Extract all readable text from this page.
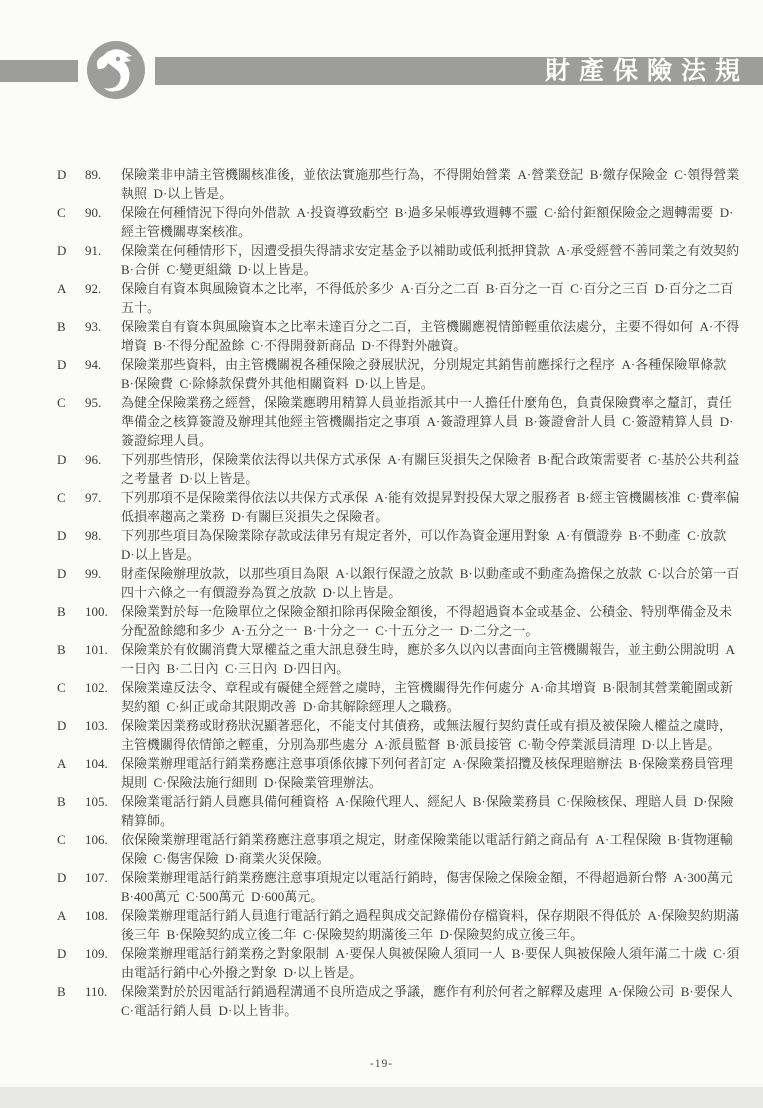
財產保險法規
D	89.	保險業非申請主管機關核准後，並依法實施那些行為，不得開始營業  A·營業登記  B·繳存保險金  C·領得營業執照  D·以上皆是。
C	90.	保險在何種情況下得向外借款  A·投資導致虧空  B·過多呆帳導致週轉不靈  C·給付鉅額保險金之週轉需要  D·經主管機關專案核准。
D	91.	保險業在何種情形下，因遭受損失得請求安定基金予以補助或低利抵押貸款  A·承受經營不善同業之有效契約  B·合併  C·變更組織  D·以上皆是。
A	92.	保險自有資本與風險資本之比率，不得低於多少  A·百分之二百  B·百分之一百  C·百分之三百  D·百分之二百五十。
B	93.	保險業自有資本與風險資本之比率未達百分之二百，主管機關應視情節輕重依法處分，主要不得如何  A·不得增資  B·不得分配盈餘  C·不得開發新商品  D·不得對外融資。
D	94.	保險業那些資料，由主管機關視各種保險之發展狀況，分別規定其銷售前應採行之程序  A·各種保險單條款  B·保險費  C·除條款保費外其他相關資料  D·以上皆是。
C	95.	為健全保險業務之經營，保險業應聘用精算人員並指派其中一人擔任什麼角色，負責保險費率之釐訂，責任準備金之核算簽證及辦理其他經主管機關指定之事項  A·簽證理算人員  B·簽證會計人員  C·簽證精算人員  D·簽證綜理人員。
D	96.	下列那些情形，保險業依法得以共保方式承保  A·有關巨災損失之保險者  B·配合政策需要者  C·基於公共利益之考量者  D·以上皆是。
C	97.	下列那項不是保險業得依法以共保方式承保  A·能有效提昇對投保大眾之服務者  B·經主管機關核准  C·費率偏低損率趨高之業務  D·有關巨災損失之保險者。
D	98.	下列那些項目為保險業除存款或法律另有規定者外，可以作為資金運用對象  A·有價證券  B·不動產  C·放款  D·以上皆是。
D	99.	財產保險辦理放款，以那些項目為限  A·以銀行保證之放款  B·以動產或不動產為擔保之放款  C·以合於第一百四十六條之一有價證券為質之放款  D·以上皆是。
B	100.	保險業對於每一危險單位之保險金額扣除再保險金額後，不得超過資本金或基金、公積金、特別準備金及未分配盈餘總和多少  A·五分之一  B·十分之一  C·十五分之一  D·二分之一。
B	101.	保險業於有攸關消費大眾權益之重大訊息發生時，應於多久以內以書面向主管機關報告，並主動公開說明  A一日內  B·二日內  C·三日內  D·四日內。
C	102.	保險業違反法令、章程或有礙健全經營之虞時，主管機關得先作何處分  A·命其增資  B·限制其營業範圍或新契約額  C·糾正或命其限期改善  D·命其解除經理人之職務。
D	103.	保險業因業務或財務狀況顯著惡化，不能支付其債務，或無法履行契約責任或有損及被保險人權益之虞時，主管機關得依情節之輕重，分別為那些處分  A·派員監督  B·派員接管  C·勒令停業派員清理  D·以上皆是。
A	104.	保險業辦理電話行銷業務應注意事項係依據下列何者訂定  A·保險業招攬及核保理賠辦法  B·保險業務員管理規則  C·保險法施行細則  D·保險業管理辦法。
B	105.	保險業電話行銷人員應具備何種資格  A·保險代理人、經紀人  B·保險業務員  C·保險核保、理賠人員  D·保險精算師。
C	106.	依保險業辦理電話行銷業務應注意事項之規定，財產保險業能以電話行銷之商品有  A·工程保險  B·貨物運輸保險  C·傷害保險  D·商業火災保險。
D	107.	保險業辦理電話行銷業務應注意事項規定以電話行銷時，傷害保險之保險金額，不得超過新台幣  A·300萬元  B·400萬元  C·500萬元  D·600萬元。
A	108.	保險業辦理電話行銷人員進行電話行銷之過程與成交記錄備份存檔資料，保存期限不得低於  A·保險契約期滿後三年  B·保險契約成立後二年  C·保險契約期滿後三年  D·保險契約成立後三年。
D	109.	保險業辦理電話行銷業務之對象限制  A·要保人與被保險人須同一人  B·要保人與被保險人須年滿二十歲  C·須由電話行銷中心外撥之對象  D·以上皆是。
B	110.	保險業對於於因電話行銷過程溝通不良所造成之爭議，應作有利於何者之解釋及處理  A·保險公司  B·要保人  C·電話行銷人員  D·以上皆非。
-19-
